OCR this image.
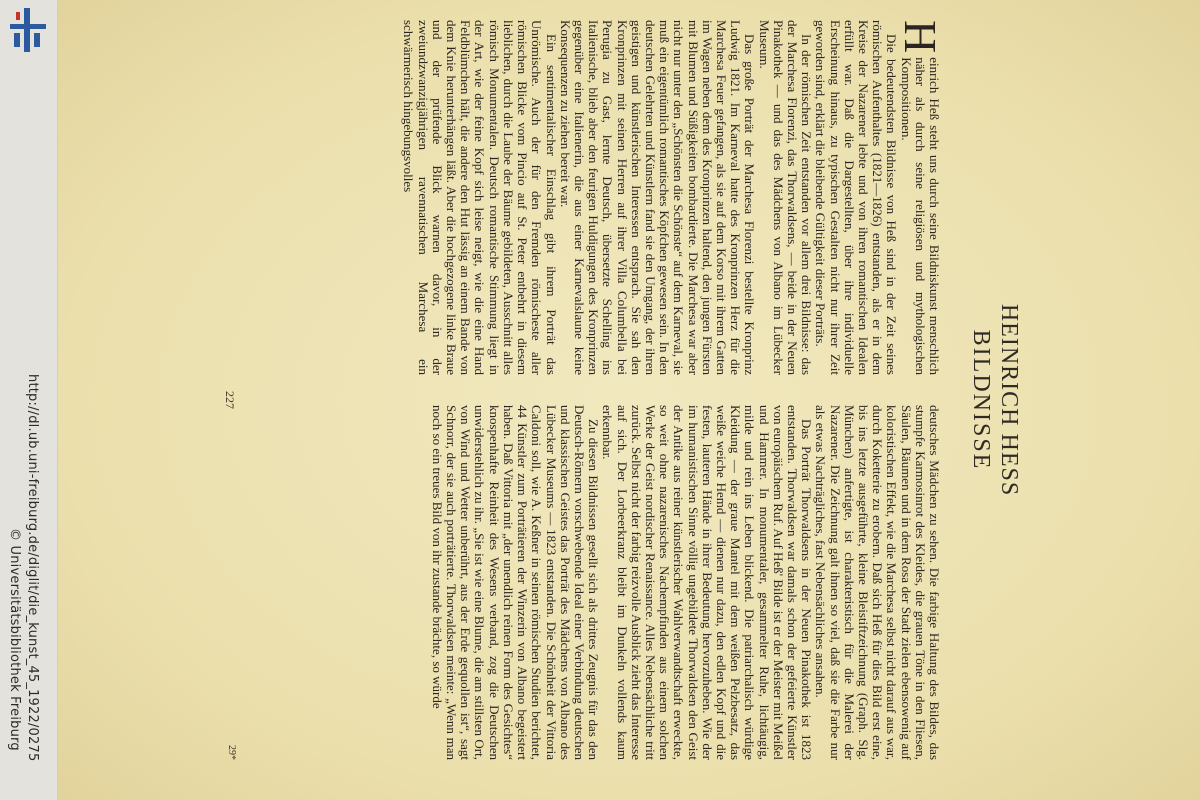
http://dl.ub.uni-freiburg.de/diglit/die_kunst_45_1922/0275
© Universitätsbibliothek Freiburg
HEINRICH HESS
BILDNISSE

H
einrich Heß steht uns durch seine Bildniskunst menschlich näher als durch seine religiösen und mythologischen Kompositionen.

Die bedeutendsten Bildnisse von Heß sind in der Zeit seines römischen Aufenthaltes (1821—1826) entstanden, als er in dem Kreise der Nazarener lebte und von ihren romantischen Idealen erfüllt war. Daß die Dargestellten, über ihre individuelle Erscheinung hinaus, zu typischen Gestalten nicht nur ihrer Zeit geworden sind, erklärt die bleibende Gültigkeit dieser Porträts.

In der römischen Zeit entstanden vor allem drei Bildnisse: das der Marchesa Florenzi, das Thorwaldsens, — beide in der Neuen Pinakothek — und das des Mädchens von Albano im Lübecker Museum.

Das große Porträt der Marchesa Florenzi bestellte Kronprinz Ludwig 1821. Im Karneval hatte des Kronprinzen Herz für die Marchesa Feuer gefangen, als sie auf dem Korso mit ihrem Gatten im Wagen neben dem des Kronprinzen haltend, den jungen Fürsten mit Blumen und Süßigkeiten bombardierte. Die Marchesa war aber nicht nur unter den „Schönsten die Schönste“ auf dem Karneval, sie muß ein eigentümlich romantisches Köpfchen gewesen sein. In den deutschen Gelehrten und Künstlern fand sie den Umgang, der ihren geistigen und künstlerischen Interessen entsprach. Sie sah den Kronprinzen mit seinen Herren auf ihrer Villa Columbella bei Perugia zu Gast, lernte Deutsch, übersetzte Schelling ins Italienische, blieb aber den feurigen Huldigungen des Kronprinzen gegenüber eine Italienerin, die aus einer Karnevalslaune keine Konsequenzen zu ziehen bereit war.

Ein sentimentalischer Einschlag gibt ihrem Porträt das Unrömische. Auch der für den Fremden römischeste aller römischen Blicke vom Pincio auf St. Peter entbehrt in diesem lieblichen, durch die Laube der Bäume gebildeten, Ausschnitt alles römisch Monumentalen. Deutsch romantische Stimmung liegt in der Art, wie der feine Kopf sich leise neigt, wie die eine Hand Feldblümchen hält, die andere den Hut lässig an einem Bande von dem Knie herunterhängen läßt. Aber die hochgezogene linke Braue und der prüfende Blick warnen davor, in der zweiundzwanzigjährigen ravennatischen Marchesa ein schwärmerisch hingebungsvolles

deutsches Mädchen zu sehen. Die farbige Haltung des Bildes, das stumpfe Karmosinrot des Kleides, die grauen Töne in den Fliesen, Säulen, Bäumen und in dem Rosa der Stadt zielen ebensowenig auf koloristischen Effekt, wie die Marchesa selbst nicht darauf aus war, durch Koketterie zu erobern. Daß sich Heß für dies Bild erst eine, bis ins letzte ausgeführte, kleine Bleistiftzeichnung (Graph. Slg. München) anfertigte, ist charakteristisch für die Malerei der Nazarener. Die Zeichnung galt ihnen so viel, daß sie die Farbe nur als etwas Nachträgliches, fast Nebensächliches ansahen.

Das Porträt Thorwaldsens in der Neuen Pinakothek ist 1823 entstanden. Thorwaldsen war damals schon der gefeierte Künstler von europäischem Ruf. Auf Heß' Bilde ist er der Meister mit Meißel und Hammer. In monumentaler, gesammelter Ruhe, lichtäugig, milde und rein ins Leben blickend. Die patriarchalisch würdige Kleidung — der graue Mantel mit dem weißen Pelzbesatz, das weiße weiche Hemd — dienen nur dazu, den edlen Kopf und die festen, lauteren Hände in ihrer Bedeutung hervorzuheben. Wie der im humanistischen Sinne völlig ungebildete Thorwaldsen den Geist der Antike aus reiner künstlerischer Wahlverwandtschaft erweckte, so weit ohne nazarenisches Nachempfinden aus einem solchen Werke der Geist nordischer Renaissance. Alles Nebensächliche tritt zurück. Selbst nicht der farbig reizvolle Ausblick zieht das Interesse auf sich. Der Lorbeerkranz bleibt im Dunkeln vollends kaum erkennbar.

Zu diesen Bildnissen gesellt sich als drittes Zeugnis für das den Deutsch-Römern vorschwebende Ideal einer Verbindung deutschen und klassischen Geistes das Porträt des Mädchens von Albano des Lübecker Museums — 1823 entstanden. Die Schönheit der Vittoria Caldoni soll, wie A. Keßner in seinen römischen Studien berichtet, 44 Künstler zum Porträtieren der Winzerin von Albano begeistert haben. Daß Vittoria mit „der unendlich reinen Form des Gesichtes“ knospenhafte Reinheit des Wesens verband, zog die Deutschen unwiderstehlich zu ihr. „Sie ist wie eine Blume, die am stillsten Ort, von Wind und Wetter unberührt, aus der Erde gequollen ist“, sagt Schnorr, der sie auch porträtierte. Thorwaldsen meinte: „Wenn man noch so ein treues Bild von ihr zustande brächte, so würde

227
29*
